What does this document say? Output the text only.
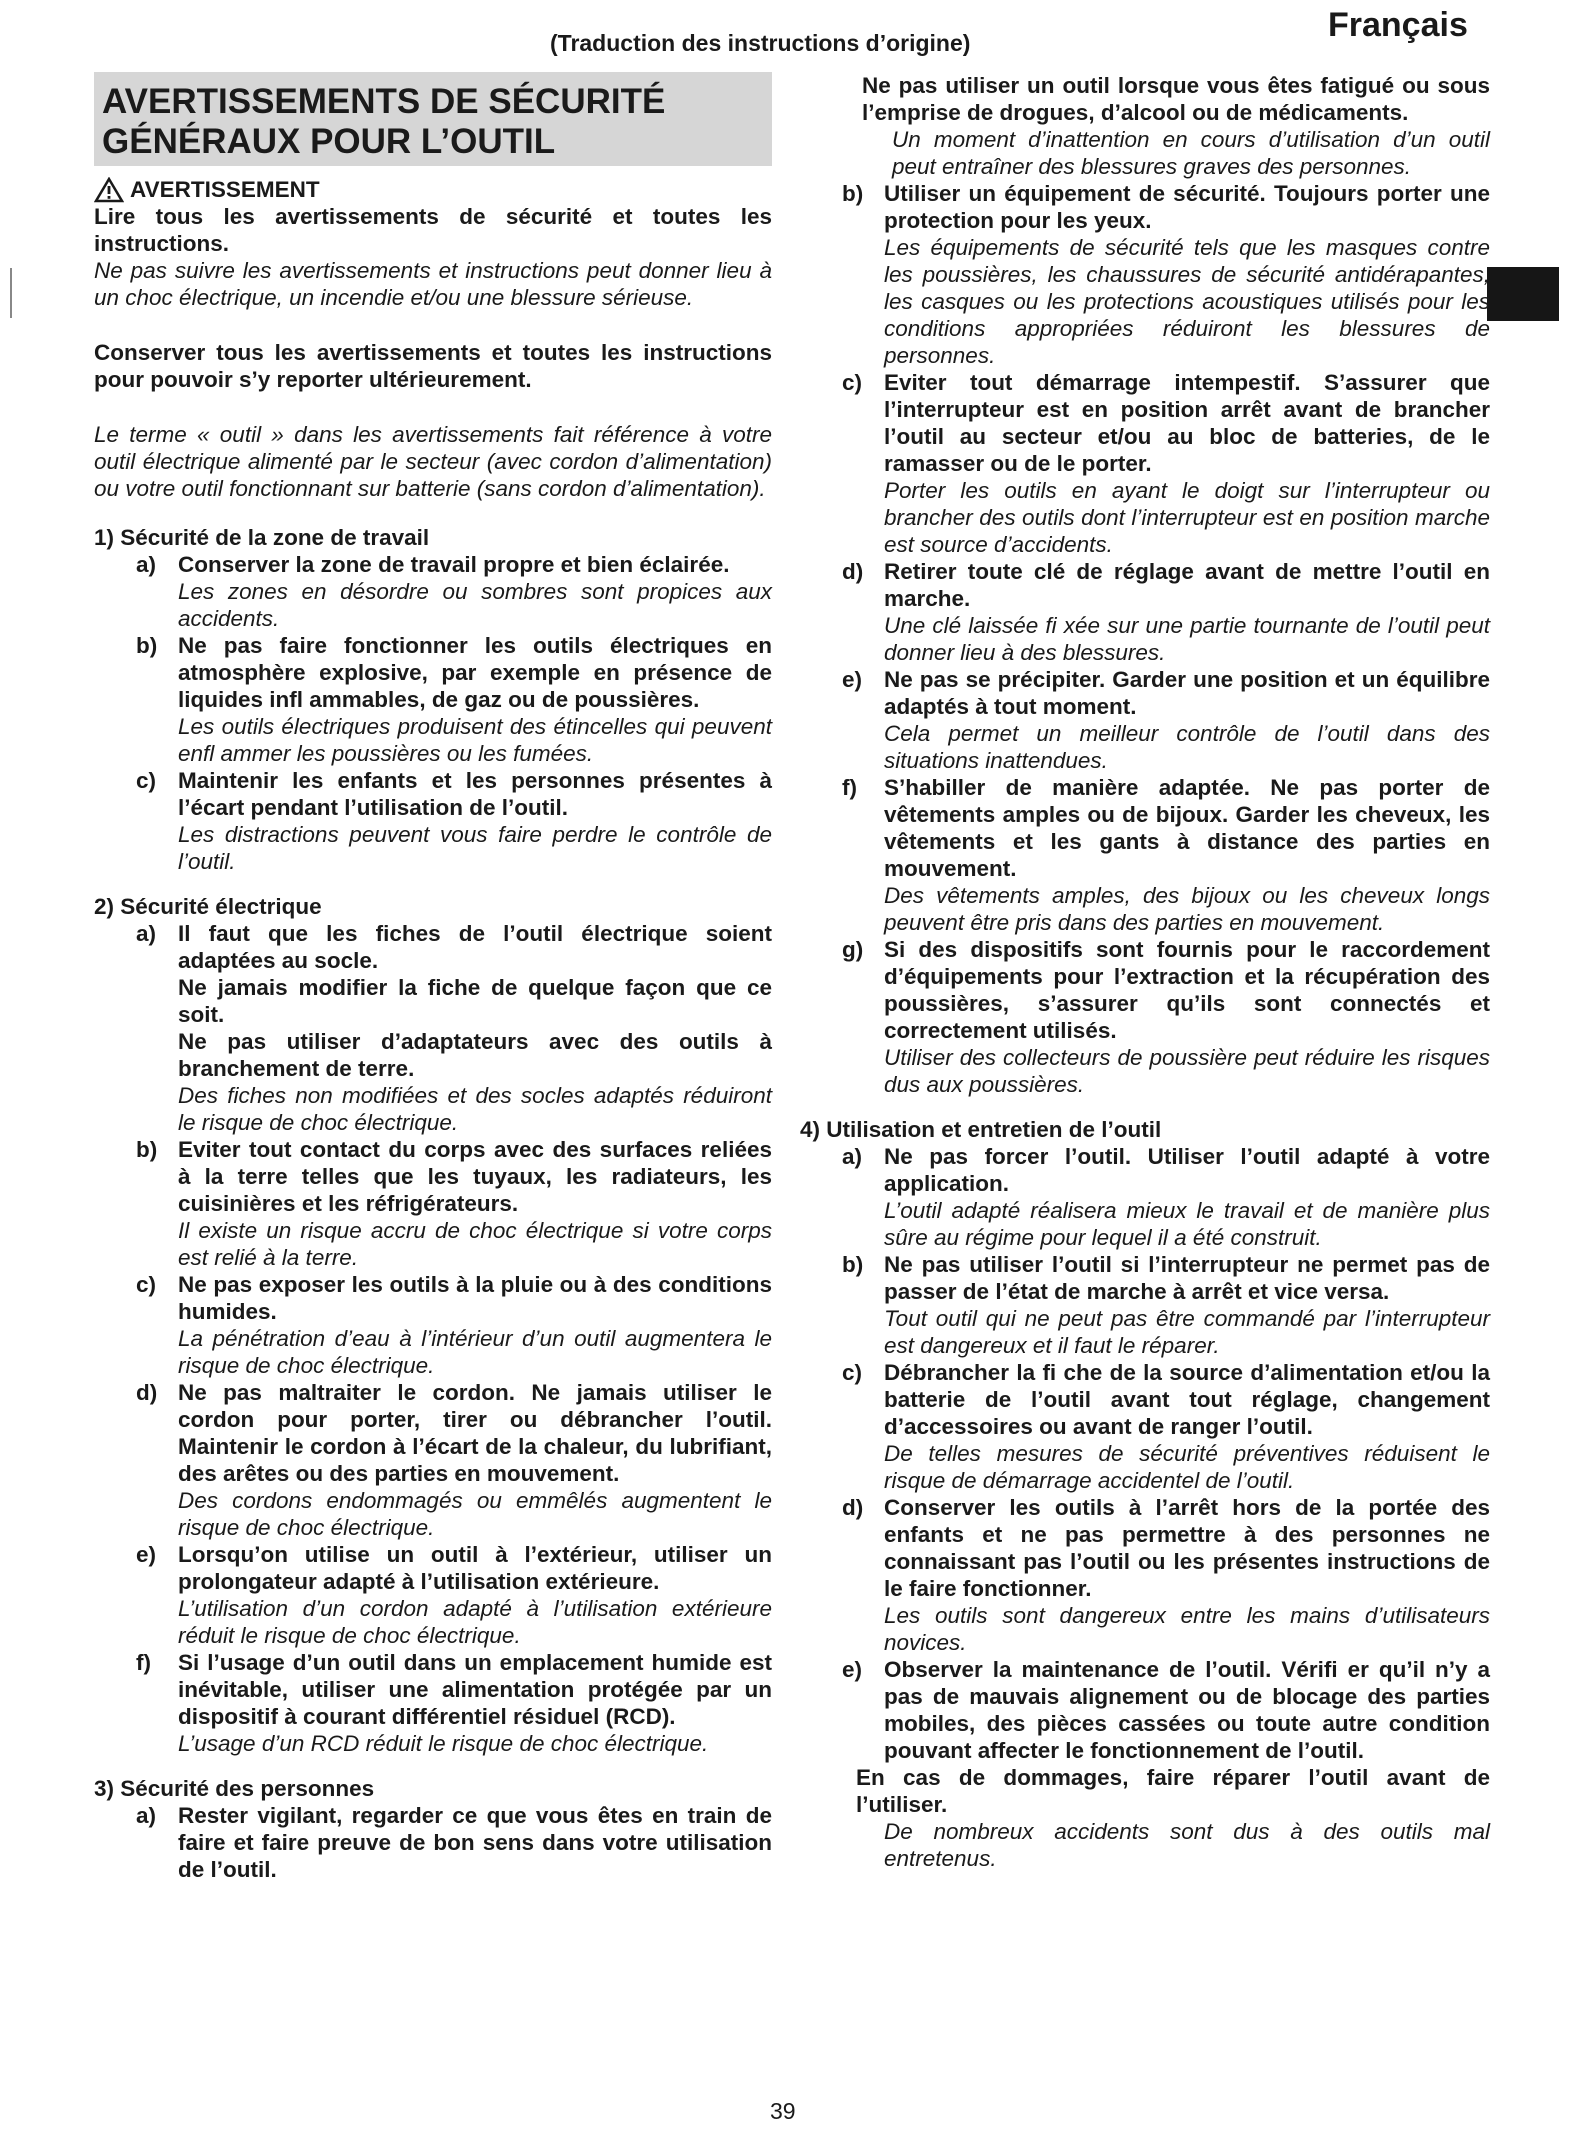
(Traduction des instructions d’origine)	Français
AVERTISSEMENTS DE SÉCURITÉ
GÉNÉRAUX POUR L’OUTIL
AVERTISSEMENT

Lire tous les avertissements de sécurité et toutes les instructions.

Ne pas suivre les avertissements et instructions peut donner lieu à un choc électrique, un incendie et/ou une blessure sérieuse.

Conserver tous les avertissements et toutes les instructions pour pouvoir s’y reporter ultérieurement.

Le terme « outil » dans les avertissements fait référence à votre outil électrique alimenté par le secteur (avec cordon d’alimentation) ou votre outil fonctionnant sur batterie (sans cordon d’alimentation).

1) Sécurité de la zone de travail
a) Conserver la zone de travail propre et bien éclairée.

Les zones en désordre ou sombres sont propices aux accidents.

b) Ne pas faire fonctionner les outils électriques en atmosphère explosive, par exemple en présence de liquides infl ammables, de gaz ou de poussières.

Les outils électriques produisent des étincelles qui peuvent enfl ammer les poussières ou les fumées.

c) Maintenir les enfants et les personnes présentes à l’écart pendant l’utilisation de l’outil.

Les distractions peuvent vous faire perdre le contrôle de l’outil.

2) Sécurité électrique
a) Il faut que les fiches de l’outil électrique soient adaptées au socle.

Ne jamais modifier la fiche de quelque façon que ce soit.

Ne pas utiliser d’adaptateurs avec des outils à branchement de terre.

Des fiches non modifiées et des socles adaptés réduiront le risque de choc électrique.

b) Eviter tout contact du corps avec des surfaces reliées à la terre telles que les tuyaux, les radiateurs, les cuisinières et les réfrigérateurs.

Il existe un risque accru de choc électrique si votre corps est relié à la terre.

c) Ne pas exposer les outils à la pluie ou à des conditions humides.

La pénétration d’eau à l’intérieur d’un outil augmentera le risque de choc électrique.

d) Ne pas maltraiter le cordon. Ne jamais utiliser le cordon pour porter, tirer ou débrancher l’outil. Maintenir le cordon à l’écart de la chaleur, du lubrifiant, des arêtes ou des parties en mouvement.

Des cordons endommagés ou emmêlés augmentent le risque de choc électrique.

e) Lorsqu’on utilise un outil à l’extérieur, utiliser un prolongateur adapté à l’utilisation extérieure.

L’utilisation d’un cordon adapté à l’utilisation extérieure réduit le risque de choc électrique.

f)	Si l’usage d’un outil dans un emplacement humide est inévitable, utiliser une alimentation protégée par un dispositif à courant différentiel résiduel (RCD).

L’usage d’un RCD réduit le risque de choc électrique.

3) Sécurité des personnes
a) Rester vigilant, regarder ce que vous êtes en train de faire et faire preuve de bon sens dans votre utilisation de l’outil.

Ne pas utiliser un outil lorsque vous êtes fatigué ou sous l’emprise de drogues, d’alcool ou de médicaments.

Un moment d’inattention en cours d’utilisation d’un outil peut entraîner des blessures graves des personnes.

b) Utiliser un équipement de sécurité. Toujours porter une protection pour les yeux.

Les équipements de sécurité tels que les masques contre les poussières, les chaussures de sécurité antidérapantes, les casques ou les protections acoustiques utilisés pour les conditions appropriées réduiront les blessures de personnes.

c) Eviter tout démarrage intempestif. S’assurer que l’interrupteur est en position arrêt avant de brancher l’outil au secteur et/ou au bloc de batteries, de le ramasser ou de le porter.

Porter les outils en ayant le doigt sur l’interrupteur ou brancher des outils dont l’interrupteur est en position marche est source d’accidents.

d) Retirer toute clé de réglage avant de mettre l’outil en marche.

Une clé laissée fi xée sur une partie tournante de l’outil peut donner lieu à des blessures.

e) Ne pas se précipiter. Garder une position et un équilibre adaptés à tout moment.

Cela permet un meilleur contrôle de l’outil dans des situations inattendues.

f)	S’habiller de manière adaptée. Ne pas porter de vêtements amples ou de bijoux. Garder les cheveux, les vêtements et les gants à distance des parties en mouvement.

Des vêtements amples, des bijoux ou les cheveux longs peuvent être pris dans des parties en mouvement.

g) Si des dispositifs sont fournis pour le raccordement d’équipements pour l’extraction et la récupération des poussières, s’assurer qu’ils sont connectés et correctement utilisés.

Utiliser des collecteurs de poussière peut réduire les risques dus aux poussières.

4) Utilisation et entretien de l’outil
a) Ne pas forcer l’outil. Utiliser l’outil adapté à votre application.

L’outil adapté réalisera mieux le travail et de manière plus sûre au régime pour lequel il a été construit.

b) Ne pas utiliser l’outil si l’interrupteur ne permet pas de passer de l’état de marche à arrêt et vice versa.

Tout outil qui ne peut pas être commandé par l’interrupteur est dangereux et il faut le réparer.

c) Débrancher la fi che de la source d’alimentation et/ou la batterie de l’outil avant tout réglage, changement d’accessoires ou avant de ranger l’outil.

De telles mesures de sécurité préventives réduisent le risque de démarrage accidentel de l’outil.

d) Conserver les outils à l’arrêt hors de la portée des enfants et ne pas permettre à des personnes ne connaissant pas l’outil ou les présentes instructions de le faire fonctionner.

Les outils sont dangereux entre les mains d’utilisateurs novices.

e) Observer la maintenance de l’outil. Vérifi er qu’il n’y a pas de mauvais alignement ou de blocage des parties mobiles, des pièces cassées ou toute autre condition pouvant affecter le fonctionnement de l’outil.

En cas de dommages, faire réparer l’outil avant de l’utiliser.

De nombreux accidents sont dus à des outils mal entretenus.

39
